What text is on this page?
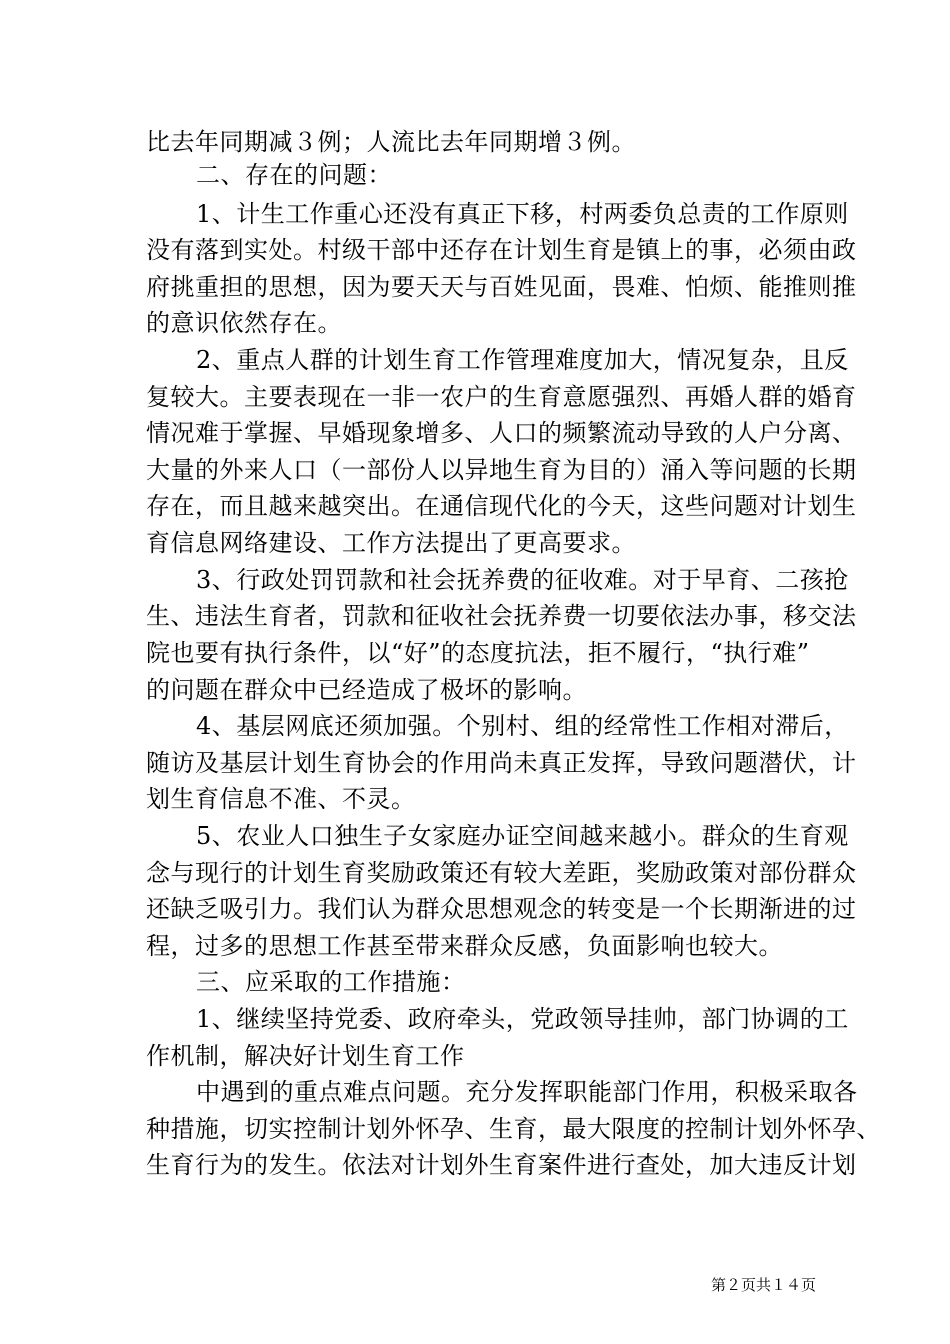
比去年同期减３例；人流比去年同期增３例。
二、存在的问题：
1、计生工作重心还没有真正下移，村两委负总责的工作原则
没有落到实处。村级干部中还存在计划生育是镇上的事，必须由政
府挑重担的思想，因为要天天与百姓见面，畏难、怕烦、能推则推
的意识依然存在。
2、重点人群的计划生育工作管理难度加大，情况复杂，且反
复较大。主要表现在一非一农户的生育意愿强烈、再婚人群的婚育
情况难于掌握、早婚现象增多、人口的频繁流动导致的人户分离、
大量的外来人口（一部份人以异地生育为目的）涌入等问题的长期
存在，而且越来越突出。在通信现代化的今天，这些问题对计划生
育信息网络建设、工作方法提出了更高要求。
3、行政处罚罚款和社会抚养费的征收难。对于早育、二孩抢
生、违法生育者，罚款和征收社会抚养费一切要依法办事，移交法
院也要有执行条件，以“好”的态度抗法，拒不履行，“执行难”
的问题在群众中已经造成了极坏的影响。
4、基层网底还须加强。个别村、组的经常性工作相对滞后，
随访及基层计划生育协会的作用尚未真正发挥，导致问题潜伏，计
划生育信息不准、不灵。
5、农业人口独生子女家庭办证空间越来越小。群众的生育观
念与现行的计划生育奖励政策还有较大差距，奖励政策对部份群众
还缺乏吸引力。我们认为群众思想观念的转变是一个长期渐进的过
程，过多的思想工作甚至带来群众反感，负面影响也较大。
三、应采取的工作措施：
1、继续坚持党委、政府牵头，党政领导挂帅，部门协调的工
作机制，解决好计划生育工作
中遇到的重点难点问题。充分发挥职能部门作用，积极采取各
种措施，切实控制计划外怀孕、生育，最大限度的控制计划外怀孕、
生育行为的发生。依法对计划外生育案件进行查处，加大违反计划
第２页共１４页
